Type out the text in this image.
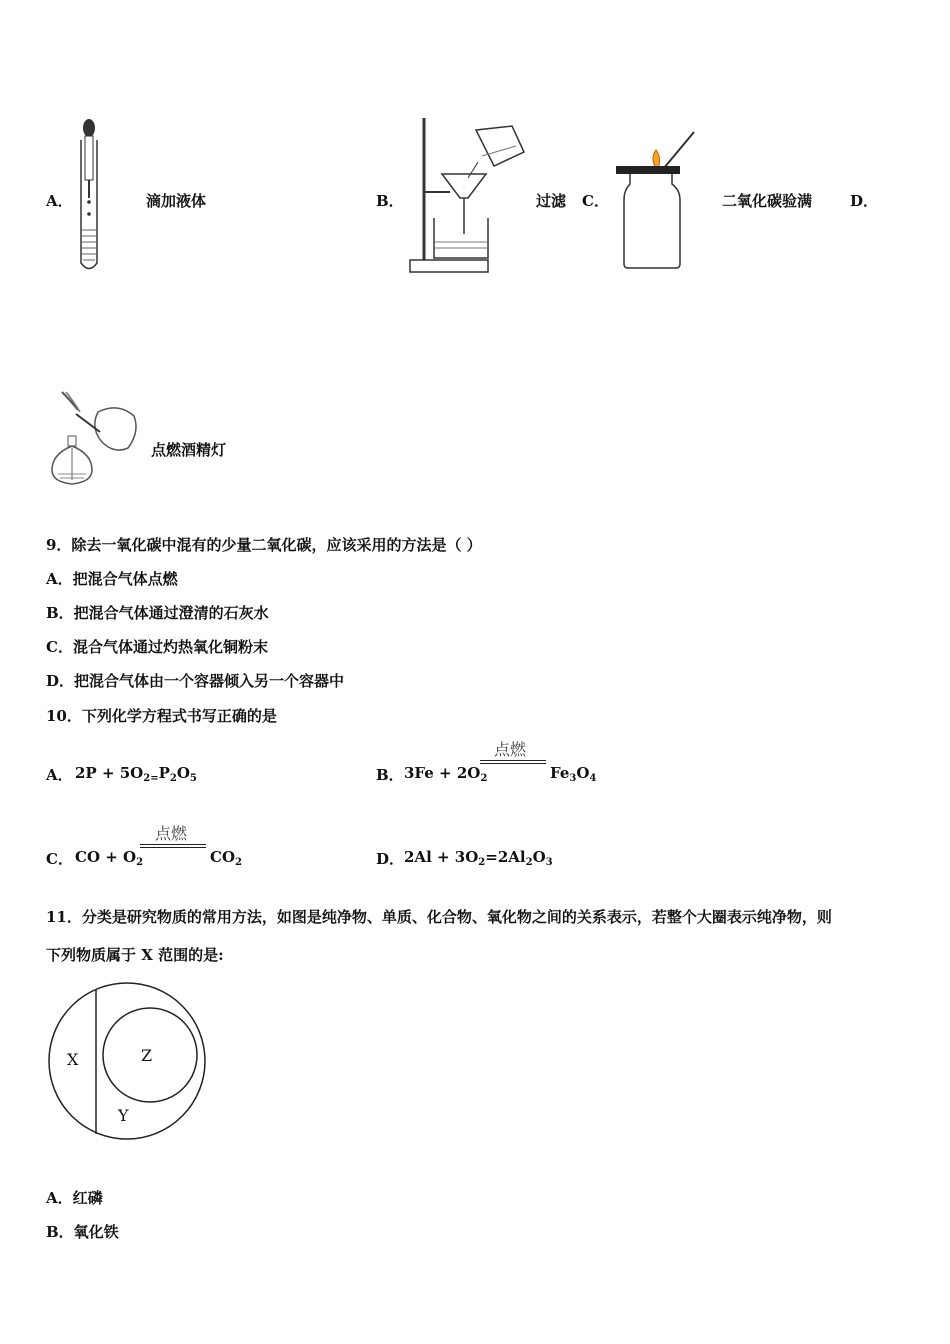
A．	滴加液体	B．	过滤 C．	二氧化碳验满	D．
点燃酒精灯
9．除去一氧化碳中混有的少量二氧化碳，应该采用的方法是（ ）
A．把混合气体点燃
B．把混合气体通过澄清的石灰水
C．混合气体通过灼热氧化铜粉末
D．把混合气体由一个容器倾入另一个容器中
10．下列化学方程式书写正确的是
A． $2P + 5O_{2=}P_2O_5$	B． $3Fe + 2O_2$
点燃
$Fe_3O_4$
C． CO + $O_2$
点燃
$CO_2$	D． $2Al + 3O_2=2Al_2O_3$
11．分类是研究物质的常用方法，如图是纯净物、单质、化合物、氧化物之间的关系表示，若整个大圈表示纯净物，则
下列物质属于 X 范围的是:
X	Z
Y
A．红磷
B．氧化铁
